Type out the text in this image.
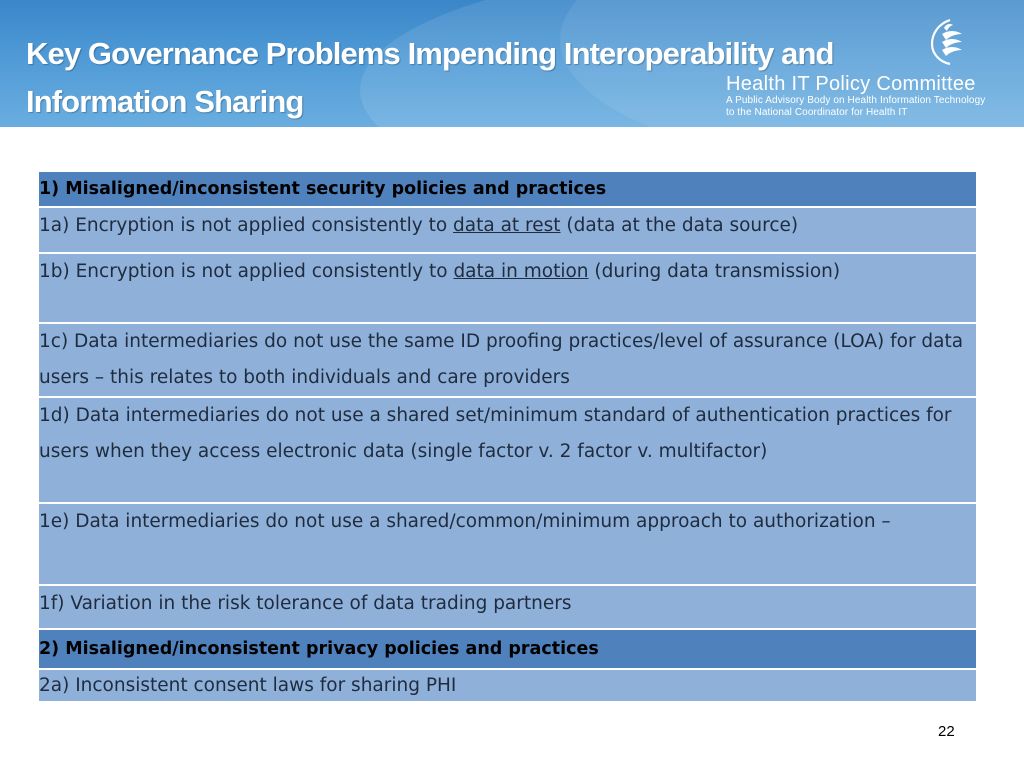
Key Governance Problems Impending Interoperability and
Information Sharing	Health IT Policy Committee
A Public Advisory Body on Health Information Technology
to the National Coordinator for Health IT
1) Misaligned/inconsistent security policies and practices
1a) Encryption is not applied consistently to data at rest (data at the data source)
1b) Encryption is not applied consistently to data in motion (during data transmission)
1c) Data intermediaries do not use the same ID proofing practices/level of assurance (LOA) for data users – this relates to both individuals and care providers
1d) Data intermediaries do not use a shared set/minimum standard of authentication practices for users when they access electronic data (single factor v. 2 factor v. multifactor)
1e) Data intermediaries do not use a shared/common/minimum approach to authorization –
1f) Variation in the risk tolerance of data trading partners
2) Misaligned/inconsistent privacy policies and practices
2a) Inconsistent consent laws for sharing PHI
22
